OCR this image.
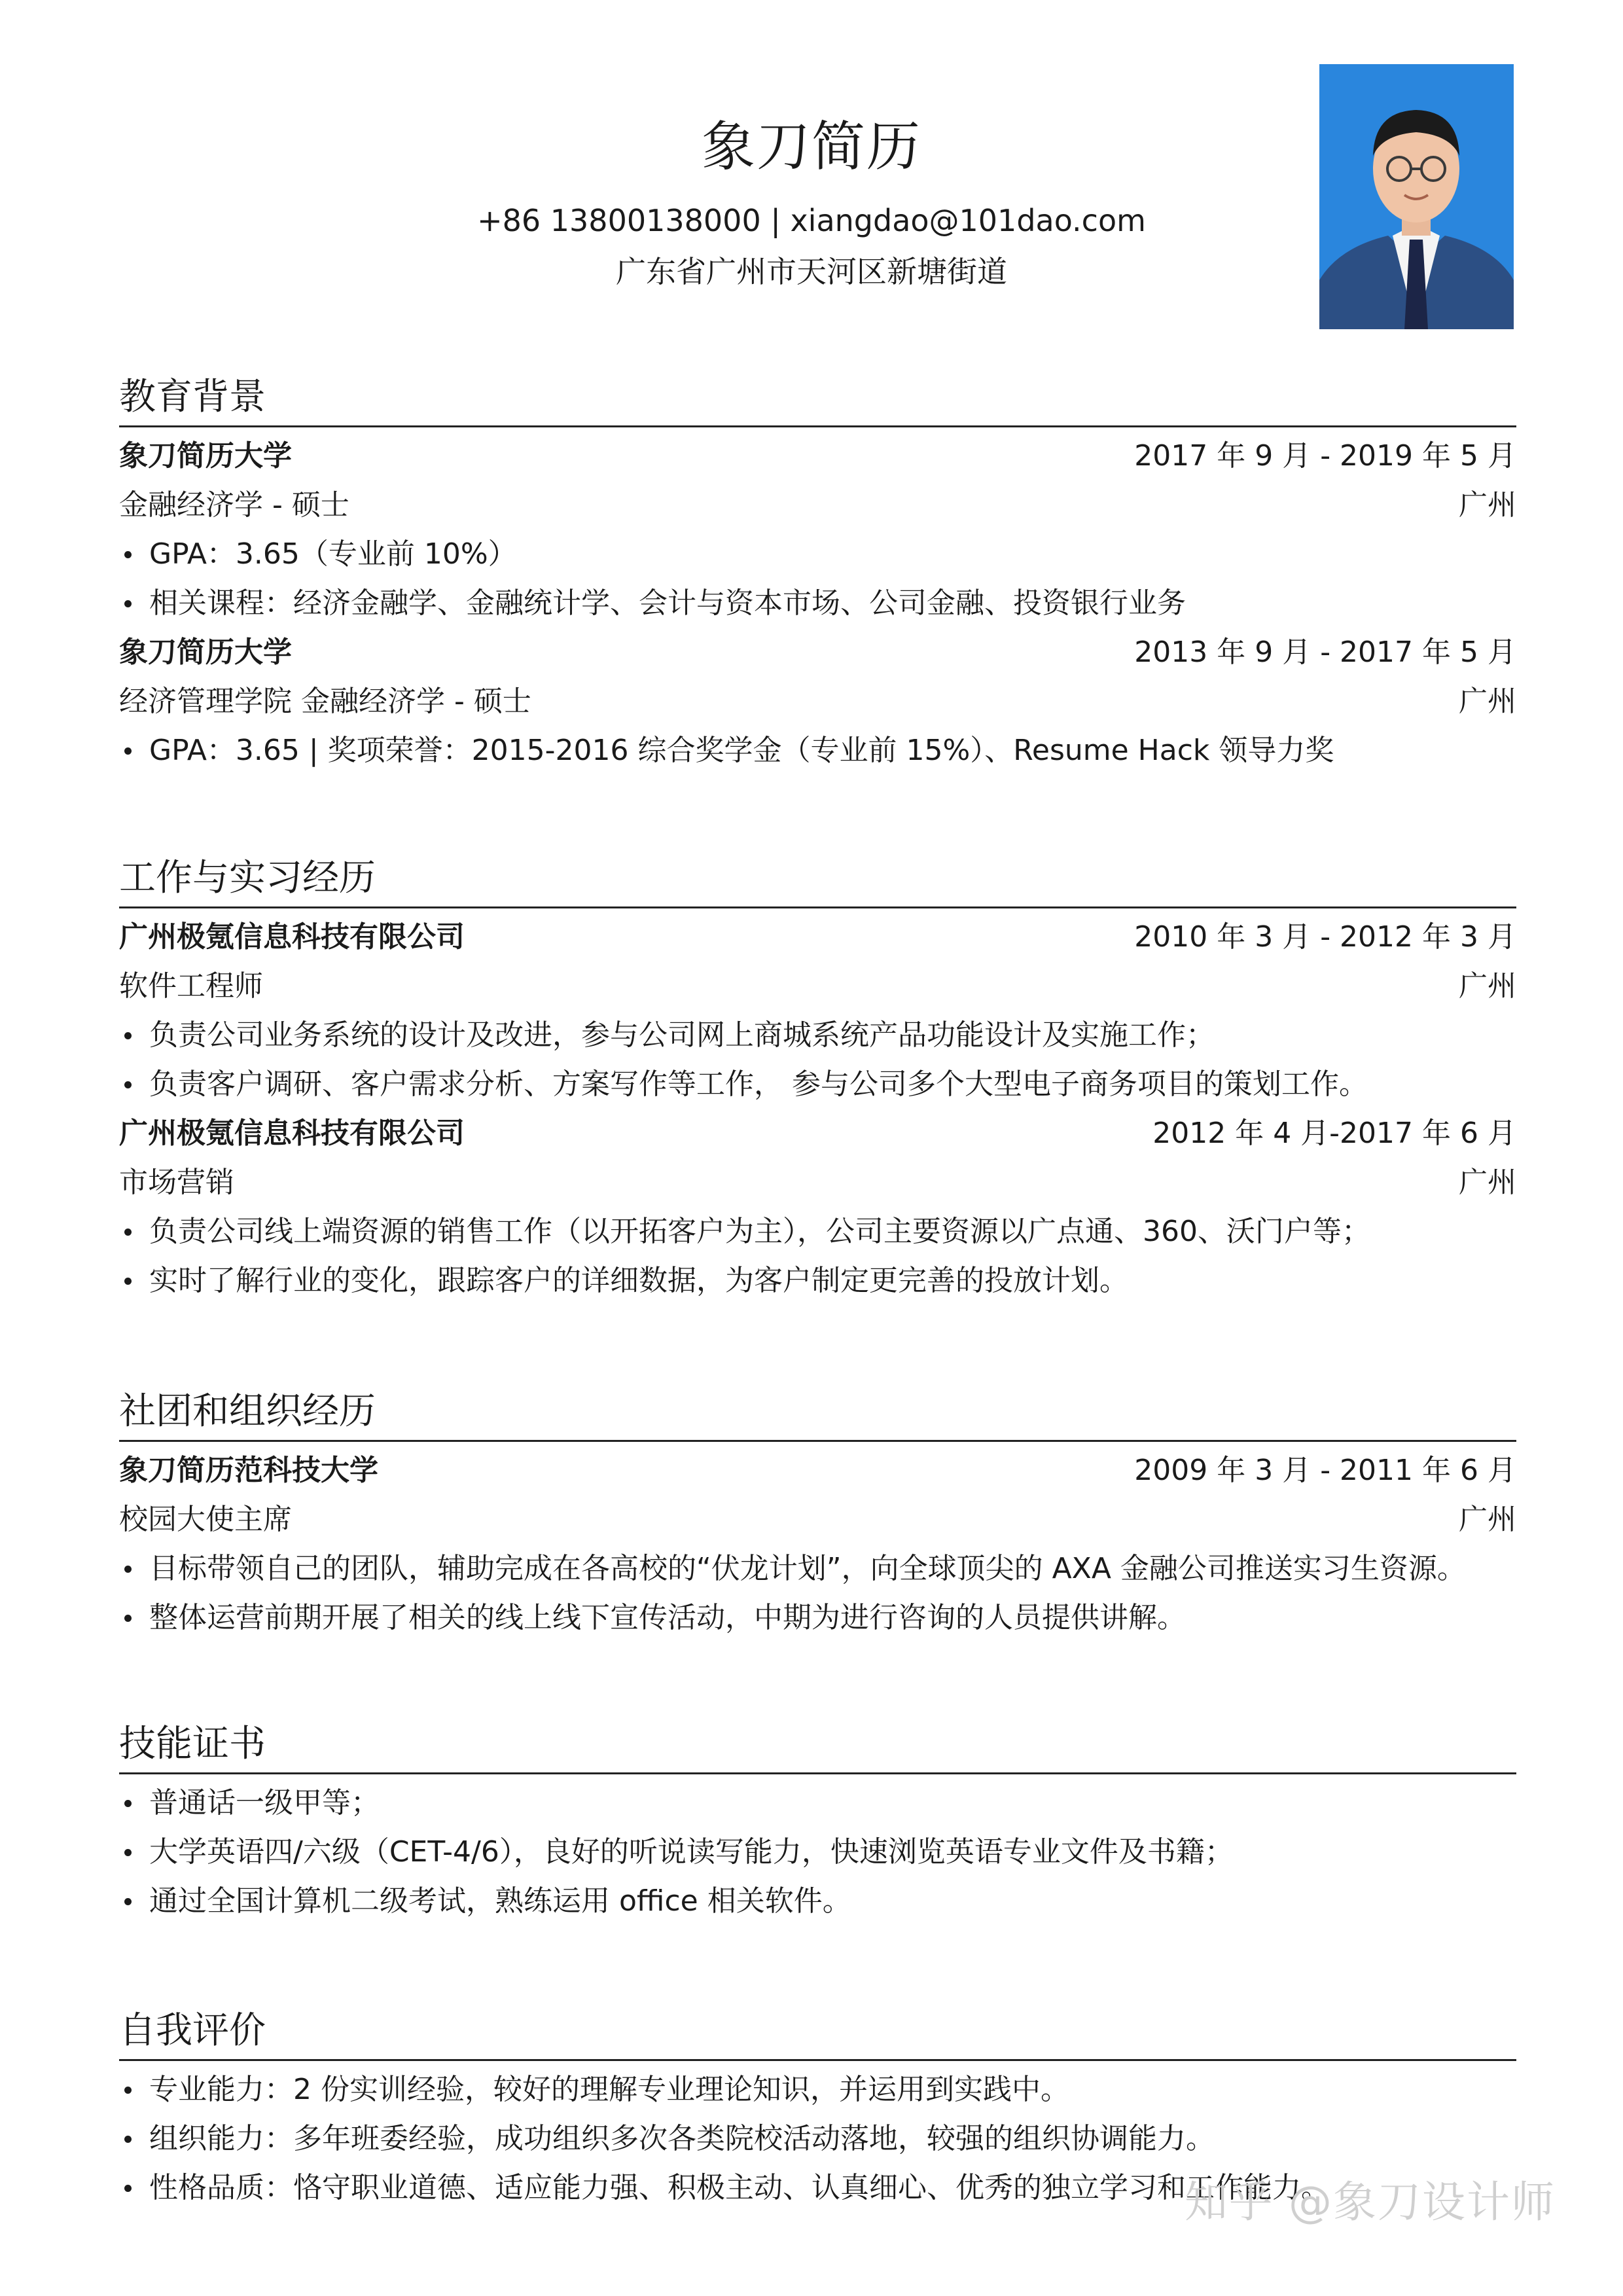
象刀简历
+86 13800138000 | xiangdao@101dao.com
广东省广州市天河区新塘街道
教育背景
象刀简历大学	2017 年 9 月 - 2019 年 5 月
金融经济学 - 硕士	广州
GPA：3.65（专业前 10%）
相关课程：经济金融学、金融统计学、会计与资本市场、公司金融、投资银行业务
象刀简历大学	2013 年 9 月 - 2017 年 5 月
经济管理学院 金融经济学 - 硕士	广州
GPA：3.65 | 奖项荣誉：2015-2016 综合奖学金（专业前 15%）、Resume Hack 领导力奖
工作与实习经历
广州极氪信息科技有限公司	2010 年 3 月 - 2012 年 3 月
软件工程师	广州
负责公司业务系统的设计及改进，参与公司网上商城系统产品功能设计及实施工作；
负责客户调研、客户需求分析、方案写作等工作， 参与公司多个大型电子商务项目的策划工作。
广州极氪信息科技有限公司	2012 年 4 月-2017 年 6 月
市场营销	广州
负责公司线上端资源的销售工作（以开拓客户为主），公司主要资源以广点通、360、沃门户等；
实时了解行业的变化，跟踪客户的详细数据，为客户制定更完善的投放计划。
社团和组织经历
象刀简历范科技大学	2009 年 3 月 - 2011 年 6 月
校园大使主席	广州
目标带领自己的团队，辅助完成在各高校的“伏龙计划”，向全球顶尖的 AXA 金融公司推送实习生资源。
整体运营前期开展了相关的线上线下宣传活动，中期为进行咨询的人员提供讲解。
技能证书
普通话一级甲等；
大学英语四/六级（CET-4/6），良好的听说读写能力，快速浏览英语专业文件及书籍；
通过全国计算机二级考试，熟练运用 office 相关软件。
自我评价
专业能力：2 份实训经验，较好的理解专业理论知识，并运用到实践中。
组织能力：多年班委经验，成功组织多次各类院校活动落地，较强的组织协调能力。
性格品质：恪守职业道德、适应能力强、积极主动、认真细心、优秀的独立学习和工作能力。
知乎 @象刀设计师
